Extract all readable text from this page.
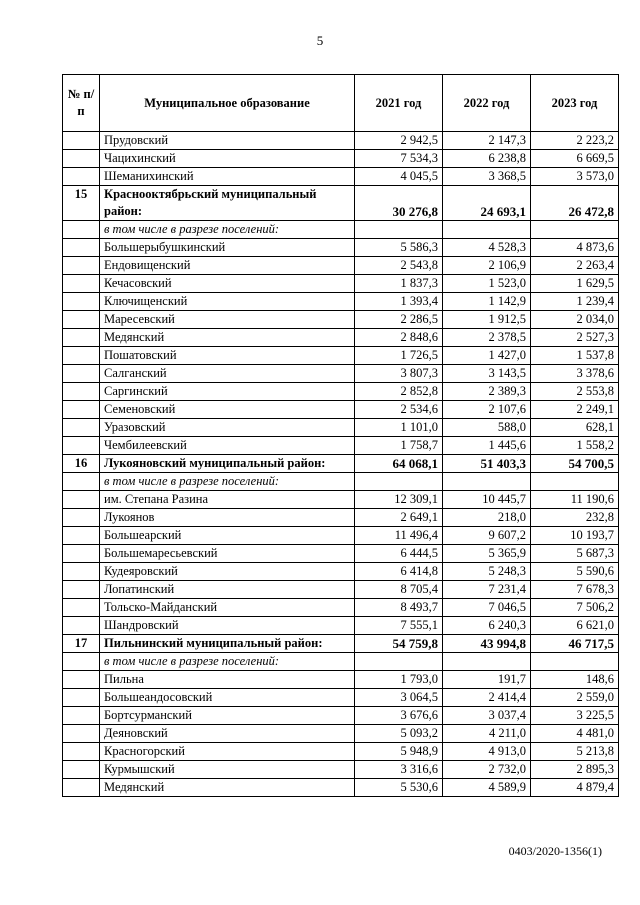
5
№ п/п	Муниципальное образование	2021 год	2022 год	2023 год
	Прудовский	2 942,5	2 147,3	2 223,2
	Чацихинский	7 534,3	6 238,8	6 669,5
	Шеманихинский	4 045,5	3 368,5	3 573,0
15	Краснооктябрьский муниципальный район:	30 276,8	24 693,1	26 472,8
	в том числе в разрезе поселений:			
	Большерыбушкинский	5 586,3	4 528,3	4 873,6
	Ендовищенский	2 543,8	2 106,9	2 263,4
	Кечасовский	1 837,3	1 523,0	1 629,5
	Ключищенский	1 393,4	1 142,9	1 239,4
	Маресевский	2 286,5	1 912,5	2 034,0
	Медянский	2 848,6	2 378,5	2 527,3
	Пошатовский	1 726,5	1 427,0	1 537,8
	Салганский	3 807,3	3 143,5	3 378,6
	Саргинский	2 852,8	2 389,3	2 553,8
	Семеновский	2 534,6	2 107,6	2 249,1
	Уразовский	1 101,0	588,0	628,1
	Чембилеевский	1 758,7	1 445,6	1 558,2
16	Лукояновский муниципальный район:	64 068,1	51 403,3	54 700,5
	в том числе в разрезе поселений:			
	им. Степана Разина	12 309,1	10 445,7	11 190,6
	Лукоянов	2 649,1	218,0	232,8
	Большеарский	11 496,4	9 607,2	10 193,7
	Большемаресьевский	6 444,5	5 365,9	5 687,3
	Кудеяровский	6 414,8	5 248,3	5 590,6
	Лопатинский	8 705,4	7 231,4	7 678,3
	Тольско-Майданский	8 493,7	7 046,5	7 506,2
	Шандровский	7 555,1	6 240,3	6 621,0
17	Пильнинский муниципальный район:	54 759,8	43 994,8	46 717,5
	в том числе в разрезе поселений:			
	Пильна	1 793,0	191,7	148,6
	Большеандосовский	3 064,5	2 414,4	2 559,0
	Бортсурманский	3 676,6	3 037,4	3 225,5
	Деяновский	5 093,2	4 211,0	4 481,0
	Красногорский	5 948,9	4 913,0	5 213,8
	Курмышский	3 316,6	2 732,0	2 895,3
	Медянский	5 530,6	4 589,9	4 879,4
0403/2020-1356(1)
